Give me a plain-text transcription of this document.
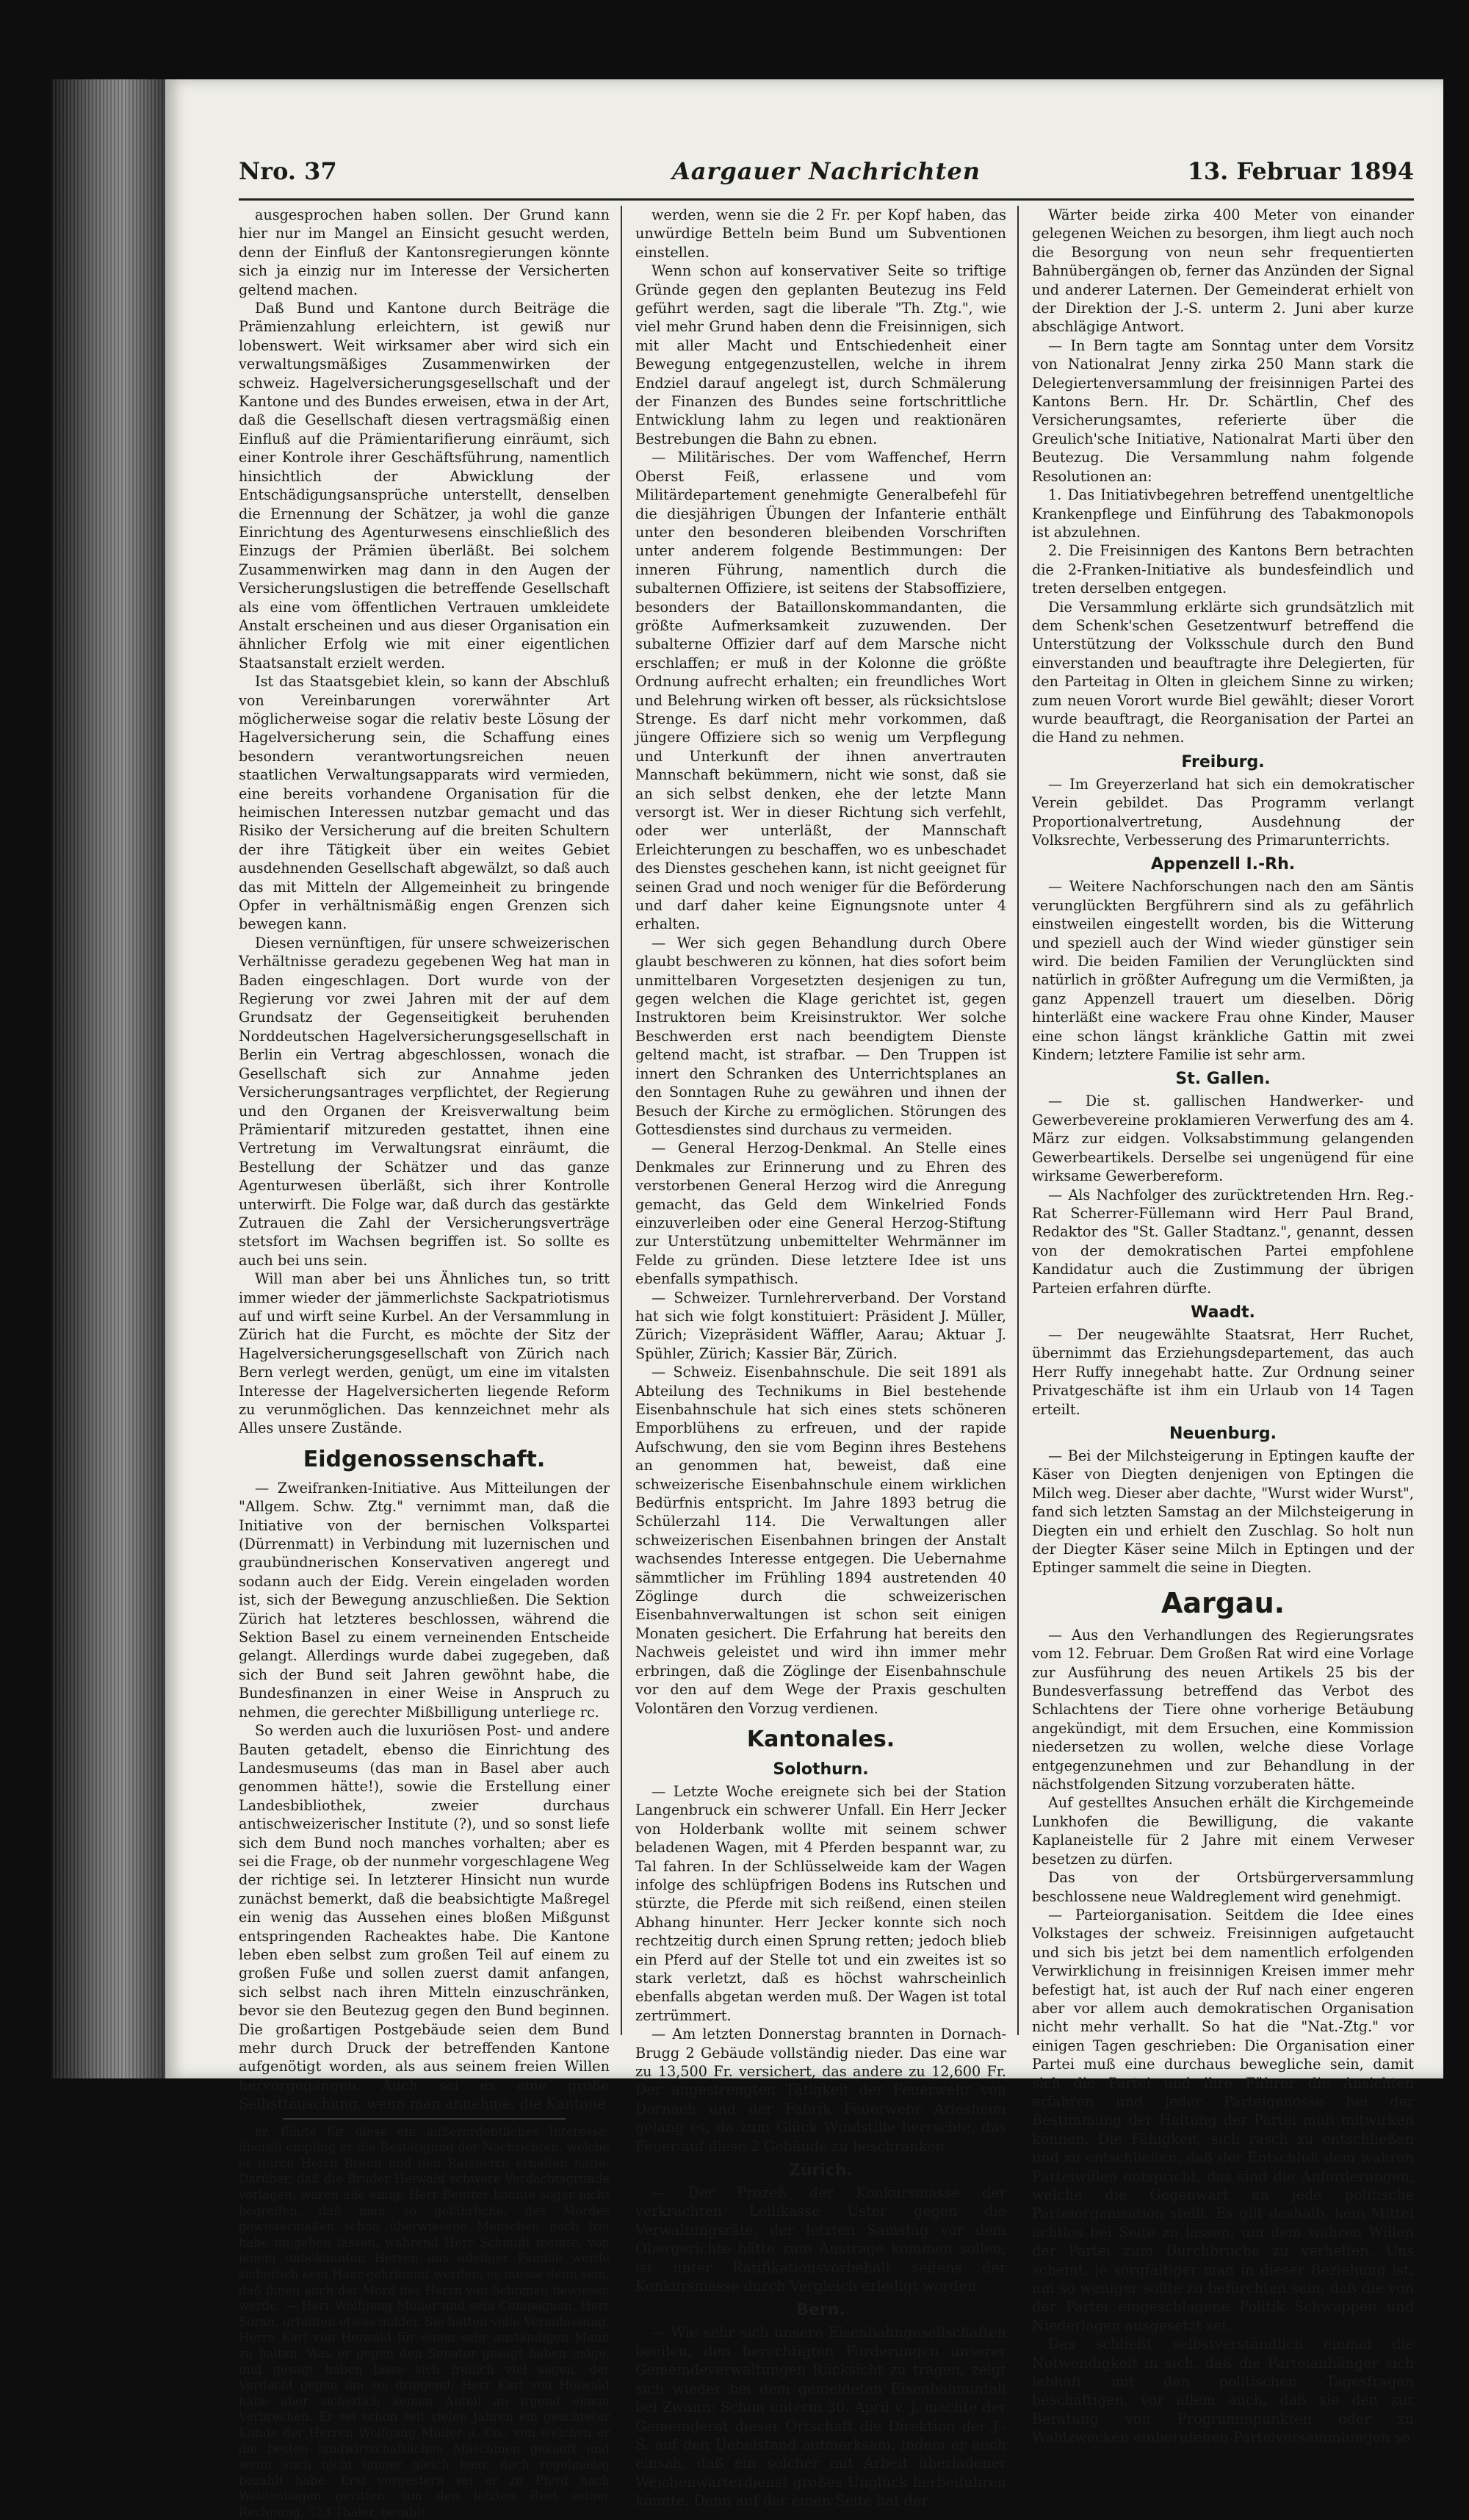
Nro. 37	Aargauer Nachrichten	13. Februar 1894

ausgesprochen haben sollen. Der Grund kann hier nur im Mangel an Einsicht gesucht werden, denn der Einfluß der Kantonsregierungen könnte sich ja einzig nur im Interesse der Versicherten geltend machen.

Daß Bund und Kantone durch Beiträge die Prämienzahlung erleichtern, ist gewiß nur lobenswert. Weit wirksamer aber wird sich ein verwaltungsmäßiges Zusammenwirken der schweiz. Hagelversicherungsgesellschaft und der Kantone und des Bundes erweisen, etwa in der Art, daß die Gesellschaft diesen vertragsmäßig einen Einfluß auf die Prämientarifierung einräumt, sich einer Kontrole ihrer Geschäftsführung, namentlich hinsichtlich der Abwicklung der Entschädigungsansprüche unterstellt, denselben die Ernennung der Schätzer, ja wohl die ganze Einrichtung des Agenturwesens einschließlich des Einzugs der Prämien überläßt. Bei solchem Zusammenwirken mag dann in den Augen der Versicherungslustigen die betreffende Gesellschaft als eine vom öffentlichen Vertrauen umkleidete Anstalt erscheinen und aus dieser Organisation ein ähnlicher Erfolg wie mit einer eigentlichen Staatsanstalt erzielt werden.

Ist das Staatsgebiet klein, so kann der Abschluß von Vereinbarungen vorerwähnter Art möglicherweise sogar die relativ beste Lösung der Hagelversicherung sein, die Schaffung eines besondern verantwortungsreichen neuen staatlichen Verwaltungsapparats wird vermieden, eine bereits vorhandene Organisation für die heimischen Interessen nutzbar gemacht und das Risiko der Versicherung auf die breiten Schultern der ihre Tätigkeit über ein weites Gebiet ausdehnenden Gesellschaft abgewälzt, so daß auch das mit Mitteln der Allgemeinheit zu bringende Opfer in verhältnismäßig engen Grenzen sich bewegen kann.

Diesen vernünftigen, für unsere schweizerischen Verhältnisse geradezu gegebenen Weg hat man in Baden eingeschlagen. Dort wurde von der Regierung vor zwei Jahren mit der auf dem Grundsatz der Gegenseitigkeit beruhenden Norddeutschen Hagelversicherungsgesellschaft in Berlin ein Vertrag abgeschlossen, wonach die Gesellschaft sich zur Annahme jeden Versicherungsantrages verpflichtet, der Regierung und den Organen der Kreisverwaltung beim Prämientarif mitzureden gestattet, ihnen eine Vertretung im Verwaltungsrat einräumt, die Bestellung der Schätzer und das ganze Agenturwesen überläßt, sich ihrer Kontrolle unterwirft. Die Folge war, daß durch das gestärkte Zutrauen die Zahl der Versicherungsverträge stetsfort im Wachsen begriffen ist. So sollte es auch bei uns sein.

Will man aber bei uns Ähnliches tun, so tritt immer wieder der jämmerlichste Sackpatriotismus auf und wirft seine Kurbel. An der Versammlung in Zürich hat die Furcht, es möchte der Sitz der Hagelversicherungsgesellschaft von Zürich nach Bern verlegt werden, genügt, um eine im vitalsten Interesse der Hagelversicherten liegende Reform zu verunmöglichen. Das kennzeichnet mehr als Alles unsere Zustände.

Eidgenossenschaft.

— Zweifranken-Initiative. Aus Mitteilungen der "Allgem. Schw. Ztg." vernimmt man, daß die Initiative von der bernischen Volkspartei (Dürrenmatt) in Verbindung mit luzernischen und graubündnerischen Konservativen angeregt und sodann auch der Eidg. Verein eingeladen worden ist, sich der Bewegung anzuschließen. Die Sektion Zürich hat letzteres beschlossen, während die Sektion Basel zu einem verneinenden Entscheide gelangt. Allerdings wurde dabei zugegeben, daß sich der Bund seit Jahren gewöhnt habe, die Bundesfinanzen in einer Weise in Anspruch zu nehmen, die gerechter Mißbilligung unterliege rc.

So werden auch die luxuriösen Post- und andere Bauten getadelt, ebenso die Einrichtung des Landesmuseums (das man in Basel aber auch genommen hätte!), sowie die Erstellung einer Landesbibliothek, zweier durchaus antischweizerischer Institute (?), und so sonst liefe sich dem Bund noch manches vorhalten; aber es sei die Frage, ob der nunmehr vorgeschlagene Weg der richtige sei. In letzterer Hinsicht nun wurde zunächst bemerkt, daß die beabsichtigte Maßregel ein wenig das Aussehen eines bloßen Mißgunst entspringenden Racheaktes habe. Die Kantone leben eben selbst zum großen Teil auf einem zu großen Fuße und sollen zuerst damit anfangen, sich selbst nach ihren Mitteln einzuschränken, bevor sie den Beutezug gegen den Bund beginnen. Die großartigen Postgebäude seien dem Bund mehr durch Druck der betreffenden Kantone aufgenötigt worden, als aus seinem freien Willen hervorgegangen. Auch sei es eine große Selbsttäuschung, wenn man annehme, die Kantone

er, fühlte für diese ein außerordentliches Interesse; überall empfing er die Bestätigung der Nachrichten, welche er durch Herrn Braun und den Ratsherrn erhalten hatte. Darüber, daß die Brüder Heiwald schwere Verdachtsgründe vorlagen, waren alle einig; Herr Beutter konnte sogar nicht begreifen, daß man so gefährliche, des Mordes gewissermaßen schon überwiesene Menschen noch frei habe umgehen lassen, während Herr Schmidt meinte, von jenem unbekannten Herren aus adeliger Familie werde sicherlich kein Haar gekrümmt werden, es müsse denn sein, daß ihnen auch der Mord des Herrn von Schomau bewiesen werde. — Herr Wolfgang Müller und sein Compagnon, Herr Soran, urteilten etwas milder. Sie hatten volle Veranlassung, Herrn Karl von Heiwald für einen sehr anständigen Mann zu halten. Was er gegen den Senator gesagt haben möge, und gesagt haben lasse sich freilich viel sagen, der Verdacht gegen ihn sei dringend; Herr Karl von Heiwald habe aber sicherlich keinen Anteil an irgend einem Verbrechen. Er sei schon seit vielen Jahren ein geachteter Kunde der Herren Wolfgang Müller u. Co., von welchen er die besten landwirtschaftlichen Maschinen gekauft und wenn auch nicht immer gleich baar, doch regelmäßig bezahlt habe. Erst vorgestern sei er zu Pferd nach Weidenhagen geritten, um den letzten Rest seiner Rechnung, 523 Thaler, bezahlt.

werden, wenn sie die 2 Fr. per Kopf haben, das unwürdige Betteln beim Bund um Subventionen einstellen.

Wenn schon auf konservativer Seite so triftige Gründe gegen den geplanten Beutezug ins Feld geführt werden, sagt die liberale "Th. Ztg.", wie viel mehr Grund haben denn die Freisinnigen, sich mit aller Macht und Entschiedenheit einer Bewegung entgegenzustellen, welche in ihrem Endziel darauf angelegt ist, durch Schmälerung der Finanzen des Bundes seine fortschrittliche Entwicklung lahm zu legen und reaktionären Bestrebungen die Bahn zu ebnen.

— Militärisches. Der vom Waffenchef, Herrn Oberst Feiß, erlassene und vom Militärdepartement genehmigte Generalbefehl für die diesjährigen Übungen der Infanterie enthält unter den besonderen bleibenden Vorschriften unter anderem folgende Bestimmungen: Der inneren Führung, namentlich durch die subalternen Offiziere, ist seitens der Stabsoffiziere, besonders der Bataillonskommandanten, die größte Aufmerksamkeit zuzuwenden. Der subalterne Offizier darf auf dem Marsche nicht erschlaffen; er muß in der Kolonne die größte Ordnung aufrecht erhalten; ein freundliches Wort und Belehrung wirken oft besser, als rücksichtslose Strenge. Es darf nicht mehr vorkommen, daß jüngere Offiziere sich so wenig um Verpflegung und Unterkunft der ihnen anvertrauten Mannschaft bekümmern, nicht wie sonst, daß sie an sich selbst denken, ehe der letzte Mann versorgt ist. Wer in dieser Richtung sich verfehlt, oder wer unterläßt, der Mannschaft Erleichterungen zu beschaffen, wo es unbeschadet des Dienstes geschehen kann, ist nicht geeignet für seinen Grad und noch weniger für die Beförderung und darf daher keine Eignungsnote unter 4 erhalten.

— Wer sich gegen Behandlung durch Obere glaubt beschweren zu können, hat dies sofort beim unmittelbaren Vorgesetzten desjenigen zu tun, gegen welchen die Klage gerichtet ist, gegen Instruktoren beim Kreisinstruktor. Wer solche Beschwerden erst nach beendigtem Dienste geltend macht, ist strafbar. — Den Truppen ist innert den Schranken des Unterrichtsplanes an den Sonntagen Ruhe zu gewähren und ihnen der Besuch der Kirche zu ermöglichen. Störungen des Gottesdienstes sind durchaus zu vermeiden.

— General Herzog-Denkmal. An Stelle eines Denkmales zur Erinnerung und zu Ehren des verstorbenen General Herzog wird die Anregung gemacht, das Geld dem Winkelried Fonds einzuverleiben oder eine General Herzog-Stiftung zur Unterstützung unbemittelter Wehrmänner im Felde zu gründen. Diese letztere Idee ist uns ebenfalls sympathisch.

— Schweizer. Turnlehrerverband. Der Vorstand hat sich wie folgt konstituiert: Präsident J. Müller, Zürich; Vizepräsident Wäffler, Aarau; Aktuar J. Spühler, Zürich; Kassier Bär, Zürich.

— Schweiz. Eisenbahnschule. Die seit 1891 als Abteilung des Technikums in Biel bestehende Eisenbahnschule hat sich eines stets schöneren Emporblühens zu erfreuen, und der rapide Aufschwung, den sie vom Beginn ihres Bestehens an genommen hat, beweist, daß eine schweizerische Eisenbahnschule einem wirklichen Bedürfnis entspricht. Im Jahre 1893 betrug die Schülerzahl 114. Die Verwaltungen aller schweizerischen Eisenbahnen bringen der Anstalt wachsendes Interesse entgegen. Die Uebernahme sämmtlicher im Frühling 1894 austretenden 40 Zöglinge durch die schweizerischen Eisenbahnverwaltungen ist schon seit einigen Monaten gesichert. Die Erfahrung hat bereits den Nachweis geleistet und wird ihn immer mehr erbringen, daß die Zöglinge der Eisenbahnschule vor den auf dem Wege der Praxis geschulten Volontären den Vorzug verdienen.

Kantonales.
Solothurn.

— Letzte Woche ereignete sich bei der Station Langenbruck ein schwerer Unfall. Ein Herr Jecker von Holderbank wollte mit seinem schwer beladenen Wagen, mit 4 Pferden bespannt war, zu Tal fahren. In der Schlüsselweide kam der Wagen infolge des schlüpfrigen Bodens ins Rutschen und stürzte, die Pferde mit sich reißend, einen steilen Abhang hinunter. Herr Jecker konnte sich noch rechtzeitig durch einen Sprung retten; jedoch blieb ein Pferd auf der Stelle tot und ein zweites ist so stark verletzt, daß es höchst wahrscheinlich ebenfalls abgetan werden muß. Der Wagen ist total zertrümmert.

— Am letzten Donnerstag brannten in Dornach-Brugg 2 Gebäude vollständig nieder. Das eine war zu 13,500 Fr. versichert, das andere zu 12,600 Fr. Der angestrengten Tätigkeit der Feuerwehr von Dornach und der Fabrik Feuerwehr Arlesheim gelang es, da zum Glück Windstille herrschte, das Feuer auf diese 2 Gebäude zu beschränken.

Zürich.

— Der Prozeß der Konkursmasse der verkrachten Leihkasse Uster gegen die Verwaltungsräte, der letzten Samstag vor dem Obergerichte hätte zum Austrage kommen sollen, ist unter Ratifikationsvorbehalt seitens der Konkursmasse durch Vergleich erledigt worden.

Bern.

— Wie sehr sich unsere Eisenbahngesellschaften beeilen, den berechtigten Forderungen unserer Gemeindeverwaltungen Rücksicht zu tragen, zeigt sich wieder bei dem gemeldeten Eisenbahnunfall bei Zwann: Schon unterm 30. April v. J. machte der Gemeinderat dieser Ortschaft die Direktion der J.-S. auf den Uebelstand aufmerksam, indem er auch einsah, daß ein solcher mit Arbeit überladener Weichenwärterdienst großes Unglück herbeiführen könnte. Denn auf der einen Seite hat der

Wärter beide zirka 400 Meter von einander gelegenen Weichen zu besorgen, ihm liegt auch noch die Besorgung von neun sehr frequentierten Bahnübergängen ob, ferner das Anzünden der Signal und anderer Laternen. Der Gemeinderat erhielt von der Direktion der J.-S. unterm 2. Juni aber kurze abschlägige Antwort.

— In Bern tagte am Sonntag unter dem Vorsitz von Nationalrat Jenny zirka 250 Mann stark die Delegiertenversammlung der freisinnigen Partei des Kantons Bern. Hr. Dr. Schärtlin, Chef des Versicherungsamtes, referierte über die Greulich'sche Initiative, Nationalrat Marti über den Beutezug. Die Versammlung nahm folgende Resolutionen an:

1. Das Initiativbegehren betreffend unentgeltliche Krankenpflege und Einführung des Tabakmonopols ist abzulehnen.

2. Die Freisinnigen des Kantons Bern betrachten die 2-Franken-Initiative als bundesfeindlich und treten derselben entgegen.

Die Versammlung erklärte sich grundsätzlich mit dem Schenk'schen Gesetzentwurf betreffend die Unterstützung der Volksschule durch den Bund einverstanden und beauftragte ihre Delegierten, für den Parteitag in Olten in gleichem Sinne zu wirken; zum neuen Vorort wurde Biel gewählt; dieser Vorort wurde beauftragt, die Reorganisation der Partei an die Hand zu nehmen.

Freiburg.

— Im Greyerzerland hat sich ein demokratischer Verein gebildet. Das Programm verlangt Proportionalvertretung, Ausdehnung der Volksrechte, Verbesserung des Primarunterrichts.

Appenzell I.-Rh.

— Weitere Nachforschungen nach den am Säntis verunglückten Bergführern sind als zu gefährlich einstweilen eingestellt worden, bis die Witterung und speziell auch der Wind wieder günstiger sein wird. Die beiden Familien der Verunglückten sind natürlich in größter Aufregung um die Vermißten, ja ganz Appenzell trauert um dieselben. Dörig hinterläßt eine wackere Frau ohne Kinder, Mauser eine schon längst kränkliche Gattin mit zwei Kindern; letztere Familie ist sehr arm.

St. Gallen.

— Die st. gallischen Handwerker- und Gewerbevereine proklamieren Verwerfung des am 4. März zur eidgen. Volksabstimmung gelangenden Gewerbeartikels. Derselbe sei ungenügend für eine wirksame Gewerbereform.

— Als Nachfolger des zurücktretenden Hrn. Reg.-Rat Scherrer-Füllemann wird Herr Paul Brand, Redaktor des "St. Galler Stadtanz.", genannt, dessen von der demokratischen Partei empfohlene Kandidatur auch die Zustimmung der übrigen Parteien erfahren dürfte.

Waadt.

— Der neugewählte Staatsrat, Herr Ruchet, übernimmt das Erziehungsdepartement, das auch Herr Ruffy innegehabt hatte. Zur Ordnung seiner Privatgeschäfte ist ihm ein Urlaub von 14 Tagen erteilt.

Neuenburg.

— Bei der Milchsteigerung in Eptingen kaufte der Käser von Diegten denjenigen von Eptingen die Milch weg. Dieser aber dachte, "Wurst wider Wurst", fand sich letzten Samstag an der Milchsteigerung in Diegten ein und erhielt den Zuschlag. So holt nun der Diegter Käser seine Milch in Eptingen und der Eptinger sammelt die seine in Diegten.

Aargau.

— Aus den Verhandlungen des Regierungsrates vom 12. Februar. Dem Großen Rat wird eine Vorlage zur Ausführung des neuen Artikels 25 bis der Bundesverfassung betreffend das Verbot des Schlachtens der Tiere ohne vorherige Betäubung angekündigt, mit dem Ersuchen, eine Kommission niedersetzen zu wollen, welche diese Vorlage entgegenzunehmen und zur Behandlung in der nächstfolgenden Sitzung vorzuberaten hätte.

Auf gestelltes Ansuchen erhält die Kirchgemeinde Lunkhofen die Bewilligung, die vakante Kaplaneistelle für 2 Jahre mit einem Verweser besetzen zu dürfen.

Das von der Ortsbürgerversammlung beschlossene neue Waldreglement wird genehmigt.

— Parteiorganisation. Seitdem die Idee eines Volkstages der schweiz. Freisinnigen aufgetaucht und sich bis jetzt bei dem namentlich erfolgenden Verwirklichung in freisinnigen Kreisen immer mehr befestigt hat, ist auch der Ruf nach einer engeren aber vor allem auch demokratischen Organisation nicht mehr verhallt. So hat die "Nat.-Ztg." vor einigen Tagen geschrieben: Die Organisation einer Partei muß eine durchaus bewegliche sein, damit sich die Partei und ihre Führer die Ansichten erfahren und jeder Parteigenosse bei der Bestimmung der Haltung der Partei muß mitwirken können. Die Fähigkeit, sich rasch zu entschließen und zu entschließen, daß der Entschluß dem wahren Parteiwillen entspricht, das sind die Anforderungen, welche die Gegenwart an jede politische Parteiorganisation stellt. Es gilt deshalb, kein Mittel achtlos bei Seite zu lassen, um dem wahren Willen der Partei zum Durchbruche zu verhelfen. Uns scheint, je sorgfältiger man in dieser Beziehung ist, um so weniger sollte zu befürchten sein, daß die von der Partei eingeschlagene Politik Schwappen und Niederlagen ausgesetzt sei.

Das schließt selbstverständlich einmal die Notwendigkeit in sich, daß die Parteianhänger sich lebhaft mit den politischen Tagesfragen beschäftigen, vor allem auch, daß sie den zur Beratung von Programmpunkten oder zu Wahlzwecken einberufenen Parteiversammlungen so
